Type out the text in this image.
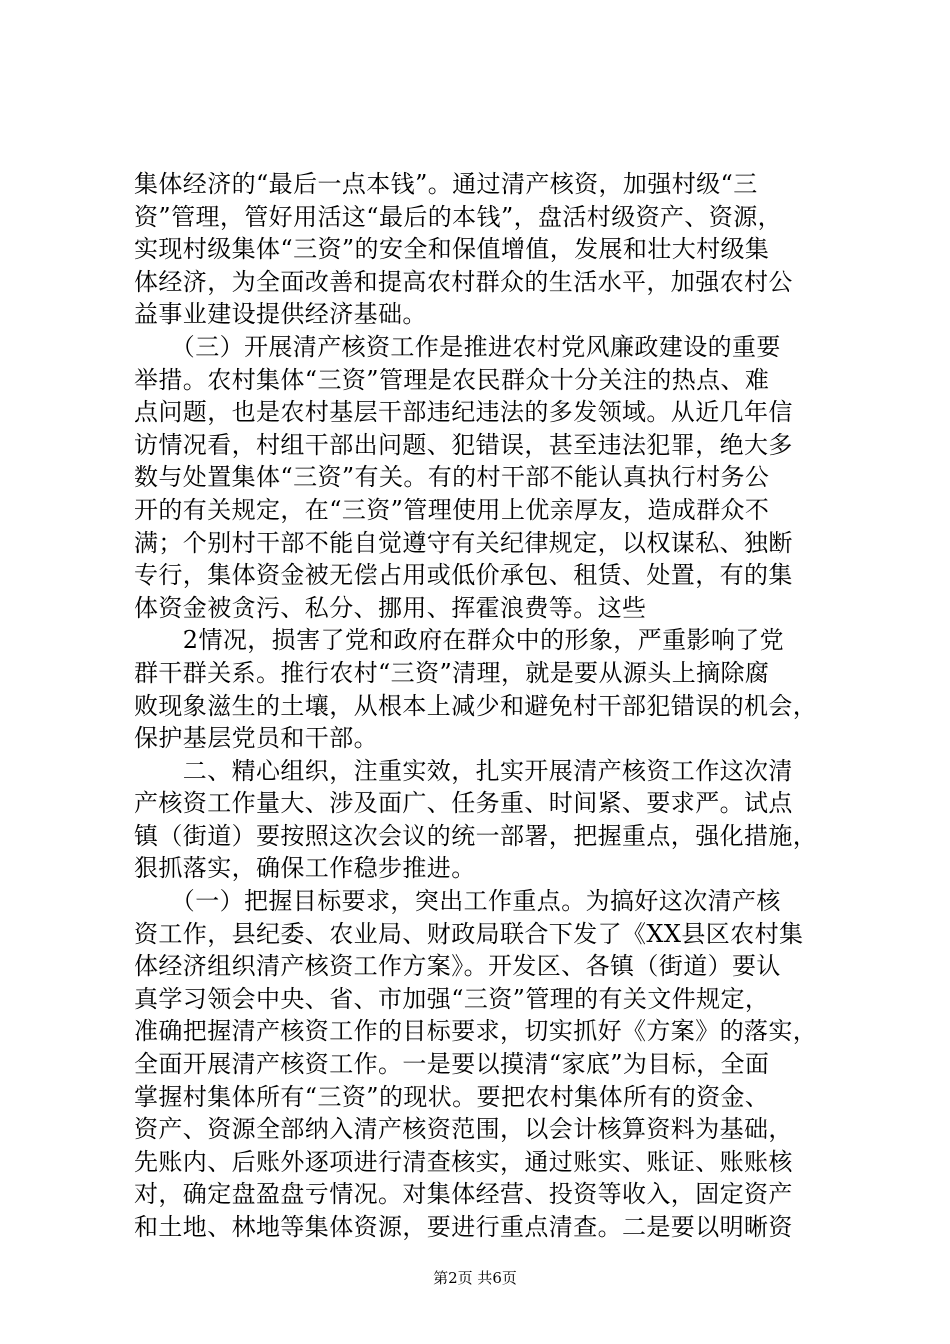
集体经济的“最后一点本钱”。通过清产核资，加强村级“三
资”管理，管好用活这“最后的本钱”，盘活村级资产、资源，
实现村级集体“三资”的安全和保值增值，发展和壮大村级集
体经济，为全面改善和提高农村群众的生活水平，加强农村公
益事业建设提供经济基础。
　　（三）开展清产核资工作是推进农村党风廉政建设的重要
举措。农村集体“三资”管理是农民群众十分关注的热点、难
点问题，也是农村基层干部违纪违法的多发领域。从近几年信
访情况看，村组干部出问题、犯错误，甚至违法犯罪，绝大多
数与处置集体“三资”有关。有的村干部不能认真执行村务公
开的有关规定，在“三资”管理使用上优亲厚友，造成群众不
满；个别村干部不能自觉遵守有关纪律规定，以权谋私、独断
专行，集体资金被无偿占用或低价承包、租赁、处置，有的集
体资金被贪污、私分、挪用、挥霍浪费等。这些
　　2情况，损害了党和政府在群众中的形象，严重影响了党
群干群关系。推行农村“三资”清理，就是要从源头上摘除腐
败现象滋生的土壤，从根本上减少和避免村干部犯错误的机会，
保护基层党员和干部。
　　二、精心组织，注重实效，扎实开展清产核资工作这次清
产核资工作量大、涉及面广、任务重、时间紧、要求严。试点
镇（街道）要按照这次会议的统一部署，把握重点，强化措施，
狠抓落实，确保工作稳步推进。
　　（一）把握目标要求，突出工作重点。为搞好这次清产核
资工作，县纪委、农业局、财政局联合下发了《XX县区农村集
体经济组织清产核资工作方案》。开发区、各镇（街道）要认
真学习领会中央、省、市加强“三资”管理的有关文件规定，
准确把握清产核资工作的目标要求，切实抓好《方案》的落实，
全面开展清产核资工作。一是要以摸清“家底”为目标，全面
掌握村集体所有“三资”的现状。要把农村集体所有的资金、
资产、资源全部纳入清产核资范围，以会计核算资料为基础，
先账内、后账外逐项进行清查核实，通过账实、账证、账账核
对，确定盘盈盘亏情况。对集体经营、投资等收入，固定资产
和土地、林地等集体资源，要进行重点清查。二是要以明晰资
第2页 共6页
